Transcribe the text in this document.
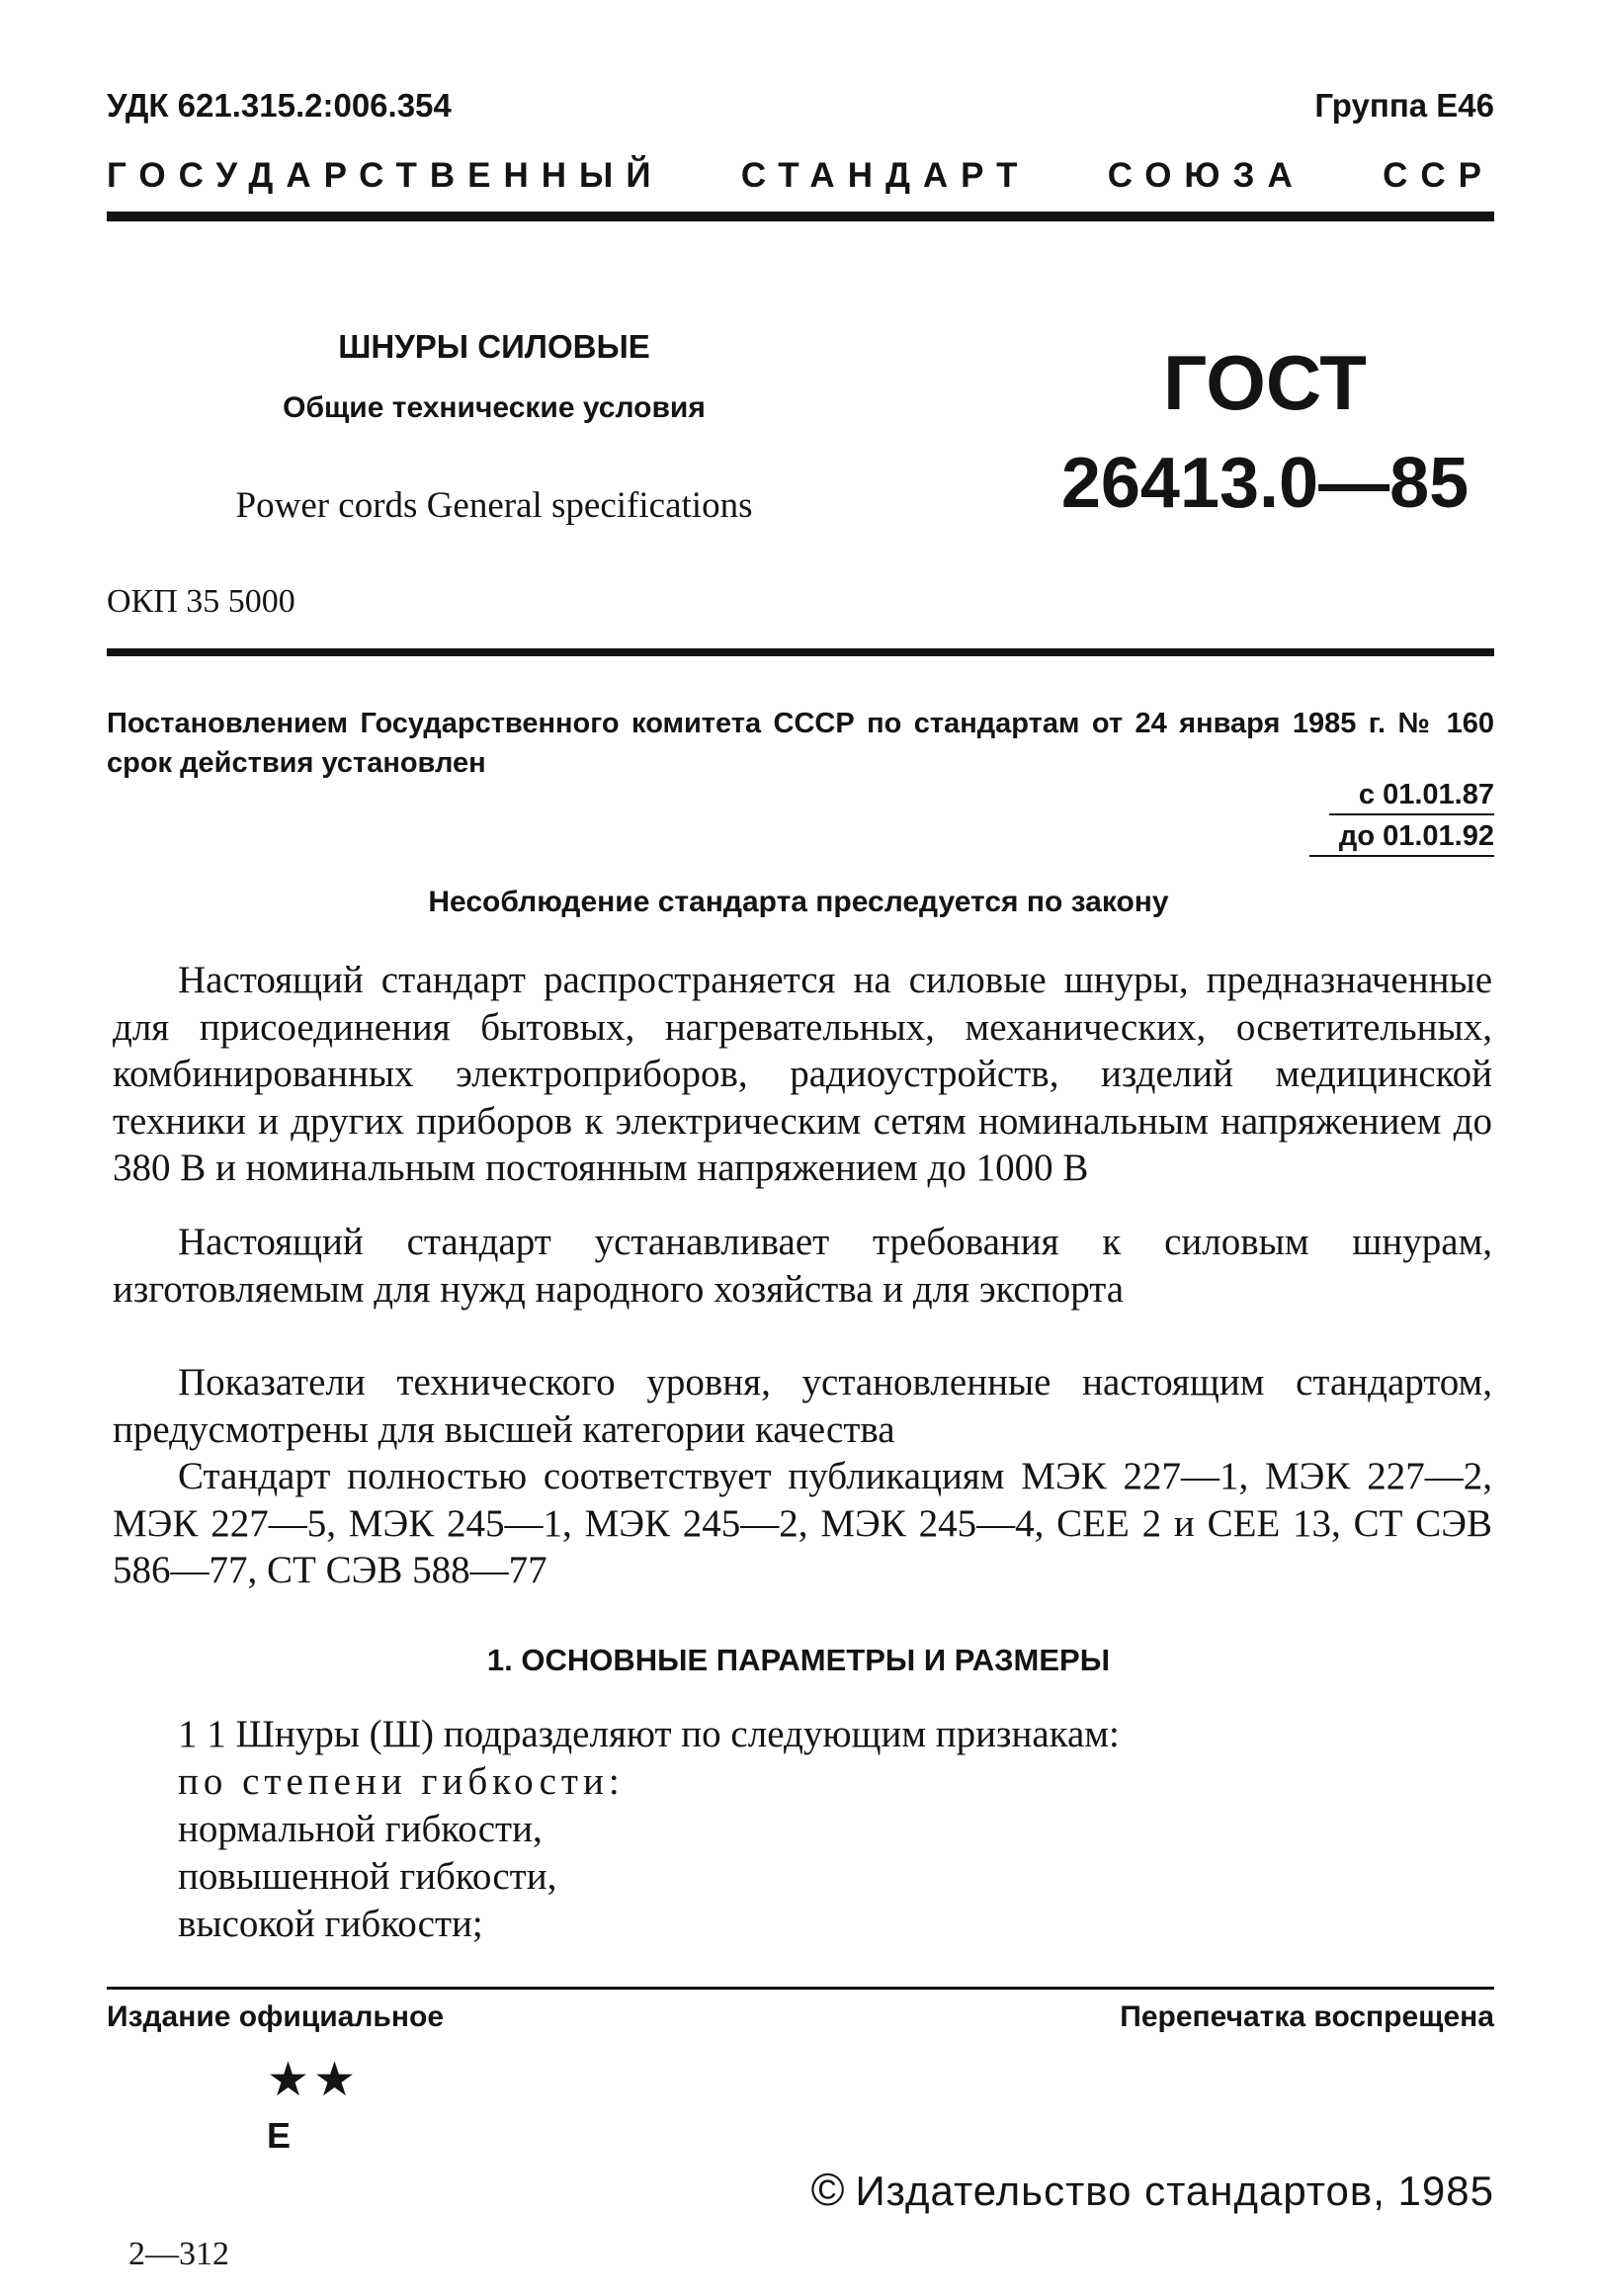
УДК 621.315.2:006.354	Группа Е46
ГОСУДАРСТВЕННЫЙ СТАНДАРТ СОЮЗА ССР
ШНУРЫ СИЛОВЫЕ
Общие технические условия
Power cords General specifications
ГОСТ
26413.0—85
ОКП 35 5000
Постановлением Государственного комитета СССР по стандартам от 24 января 1985 г. № 160 срок действия установлен
с 01.01.87
до 01.01.92
Несоблюдение стандарта преследуется по закону
Настоящий стандарт распространяется на силовые шнуры, предназначенные для присоединения бытовых, нагревательных, механических, осветительных, комбинированных электроприборов, радиоустройств, изделий медицинской техники и других приборов к электрическим сетям номинальным напряжением до 380 В и номинальным постоянным напряжением до 1000 В
Настоящий стандарт устанавливает требования к силовым шнурам, изготовляемым для нужд народного хозяйства и для экспорта
Показатели технического уровня, установленные настоящим стандартом, предусмотрены для высшей категории качества
Стандарт полностью соответствует публикациям МЭК 227—1, МЭК 227—2, МЭК 227—5, МЭК 245—1, МЭК 245—2, МЭК 245—4, СЕЕ 2 и СЕЕ 13, СТ СЭВ 586—77, СТ СЭВ 588—77
1. ОСНОВНЫЕ ПАРАМЕТРЫ И РАЗМЕРЫ
1 1 Шнуры (Ш) подразделяют по следующим признакам:
по степени гибкости:
нормальной гибкости,
повышенной гибкости,
высокой гибкости;
Издание официальное	Перепечатка воспрещена
★★
Е
© Издательство стандартов, 1985
2—312
